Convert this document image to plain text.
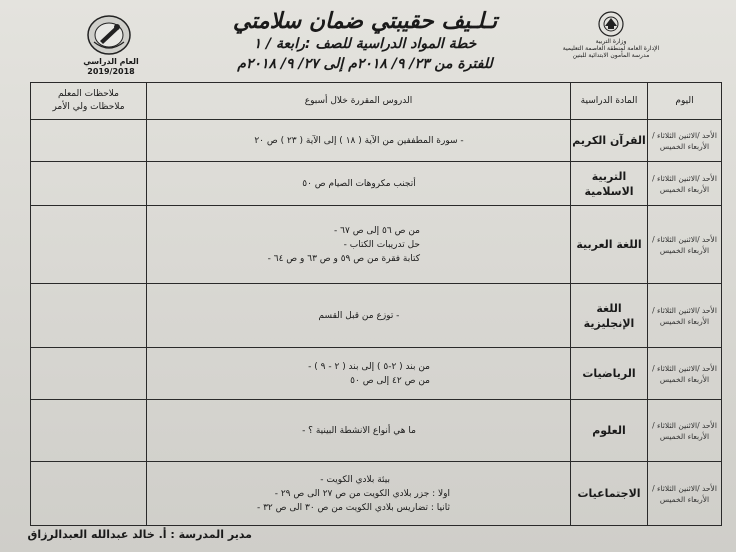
العام الدراسي
2019/2018
وزارة التربية
الإدارة العامة لمنطقة العاصمة التعليمية
مدرسة المأمون الابتدائية للبنين
تـلـيف حقيبتي ضمان سلامتي
خطة المواد الدراسية للصف :رابعة / ١
للفترة من ٢٣/ ٩/ ٢٠١٨م إلى ٢٧/ ٩/ ٢٠١٨م
اليوم	المادة الدراسية	الدروس المقررة خلال أسبوع	ملاحظات المعلم
ملاحظات ولي الأمر

الأحد /الاثنين الثلاثاء /الأربعاء الخميس	القرآن الكريم	- سورة المطففين من الآية ( ١٨ ) إلى الآية ( ٢٣ ) ص ٢٠	

الأحد /الاثنين الثلاثاء /الأربعاء الخميس	التربية الاسلامية	أتجنب مكروهات الصيام ص ٥٠	

الأحد /الاثنين الثلاثاء /الأربعاء الخميس	اللغة العربية	من ص ٥٦ إلى ص ٦٧ -
حل تدريبات الكتاب -
كتابة فقرة من ص ٥٩ و ص ٦٣ و ص ٦٤ -	

الأحد /الاثنين الثلاثاء /الأربعاء الخميس	اللغة الإنجليزية	- توزع من قبل القسم	

الأحد /الاثنين الثلاثاء /الأربعاء الخميس	الرياضيات	من بند ( ٢-٥ ) إلى بند ( ٢ - ٩ ) -
من ص ٤٢ إلى ص ٥٠	

الأحد /الاثنين الثلاثاء /الأربعاء الخميس	العلوم	ما هي أنواع الانشطة البينية ؟ -	

الأحد /الاثنين الثلاثاء /الأربعاء الخميس	الاجتماعيات	بيئة بلادي الكويت -
اولا : جزر بلادي الكويت من ص ٢٧ الى ص ٢٩ -
ثانيا : تضاريس بلادي الكويت من ص ٣٠ الى ص ٣٢ -	

مدير المدرسة : أ. خالد عبدالله العبدالرزاق
